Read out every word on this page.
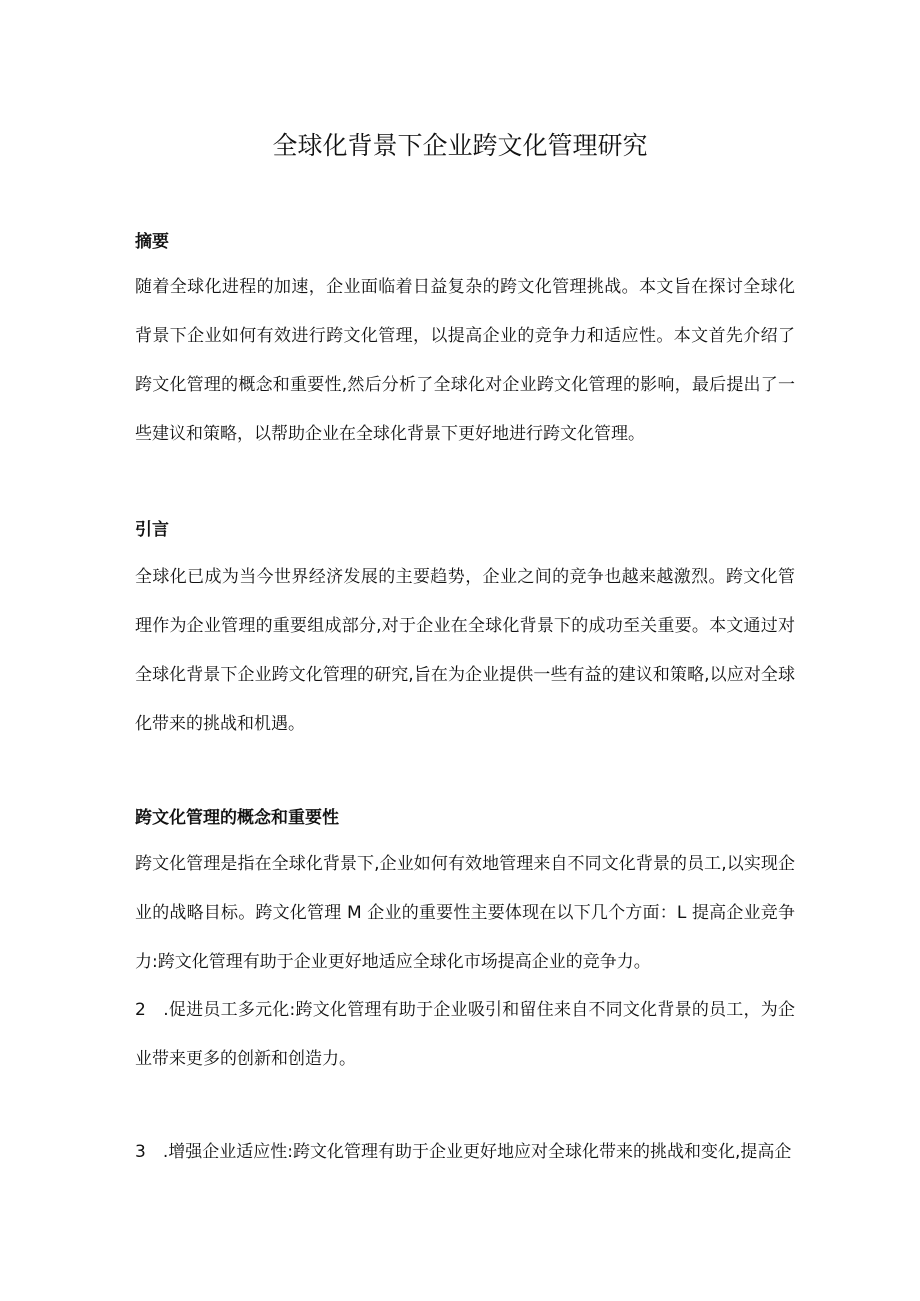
全球化背景下企业跨文化管理研究
摘要

随着全球化进程的加速，企业面临着日益复杂的跨文化管理挑战。本文旨在探讨全球化背景下企业如何有效进行跨文化管理，以提高企业的竞争力和适应性。本文首先介绍了跨文化管理的概念和重要性,然后分析了全球化对企业跨文化管理的影响，最后提出了一些建议和策略，以帮助企业在全球化背景下更好地进行跨文化管理。

引言

全球化已成为当今世界经济发展的主要趋势，企业之间的竞争也越来越激烈。跨文化管理作为企业管理的重要组成部分,对于企业在全球化背景下的成功至关重要。本文通过对全球化背景下企业跨文化管理的研究,旨在为企业提供一些有益的建议和策略,以应对全球化带来的挑战和机遇。

跨文化管理的概念和重要性

跨文化管理是指在全球化背景下,企业如何有效地管理来自不同文化背景的员工,以实现企业的战略目标。跨文化管理 M 企业的重要性主要体现在以下几个方面：L 提高企业竞争力:跨文化管理有助于企业更好地适应全球化市场提高企业的竞争力。

2　.促进员工多元化:跨文化管理有助于企业吸引和留住来自不同文化背景的员工，为企业带来更多的创新和创造力。

3　.增强企业适应性:跨文化管理有助于企业更好地应对全球化带来的挑战和变化,提高企
